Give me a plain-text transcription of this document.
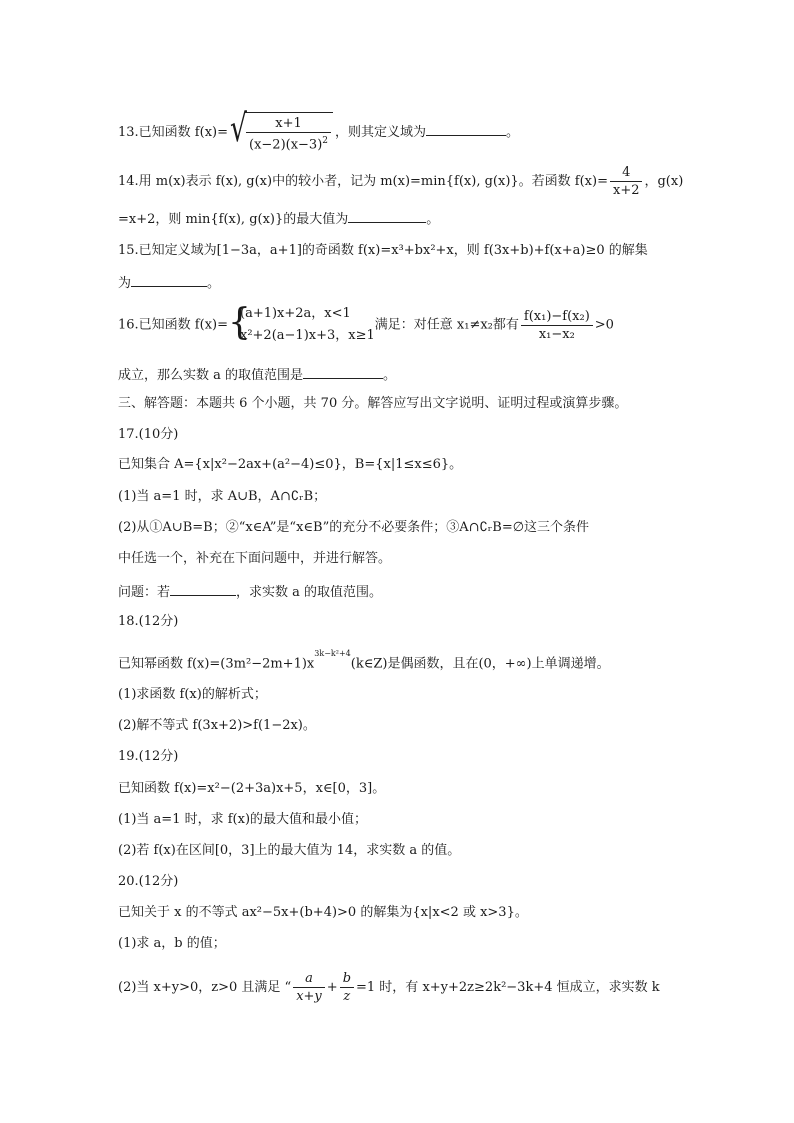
13.已知函数 f(x)= √ $\frac{x+1}{(x-2)(x-3)^2}$ ，则其定义域为	。
14.用 m(x)表示 f(x), g(x)中的较小者，记为 m(x)=min{f(x), g(x)}。若函数 $f(x)= \frac{4}{x+2}$ ，g(x)
=x+2，则 min{f(x), g(x)}的最大值为	。
15.已知定义域为[1−3a，a+1]的奇函数 f(x)=x³+bx²+x，则 f(3x+b)+f(x+a)≥0 的解集
为	。
16.已知函数 f(x)= {
(a+1)x+2a，x<1
x²+2(a−1)x+3，x≥1
满足：对任意 x₁≠x₂都有 $\frac{\text{f(x₁)−f(x₂)}}{\text{x₁−x₂}} >0$
成立，那么实数 a 的取值范围是	。
三、解答题：本题共 6 个小题，共 70 分。解答应写出文字说明、证明过程或演算步骤。
17.(10分)
已知集合 A={x|x²−2ax+(a²−4)≤0}，B={x|1≤x≤6}。
(1)当 a=1 时，求 A∪B，A∩∁ᵣB；
(2)从①A∪B=B；②“x∈A”是“x∈B”的充分不必要条件；③A∩∁ᵣB=∅这三个条件
中任选一个，补充在下面问题中，并进行解答。
问题：若	，求实数 a 的取值范围。
18.(12分)
已知幂函数 $f(x)=(3m^2-2m+1)x^{3k-k^2+4}(k\in Z)$是偶函数，且在(0，+∞)上单调递增。
(1)求函数 f(x)的解析式；
(2)解不等式 f(3x+2)>f(1−2x)。
19.(12分)
已知函数 f(x)=x²−(2+3a)x+5，x∈[0，3]。
(1)当 a=1 时，求 f(x)的最大值和最小值；
(2)若 f(x)在区间[0，3]上的最大值为 14，求实数 a 的值。
20.(12分)
已知关于 x 的不等式 ax²−5x+(b+4)>0 的解集为{x|x<2 或 x>3}。
(1)求 a，b 的值；
(2)当 x+y>0，z>0 且满足 “ $\frac{a}{x+y} + \frac{b}{z} =1$ 时，有 x+y+2z≥2k²−3k+4 恒成立，求实数 k
